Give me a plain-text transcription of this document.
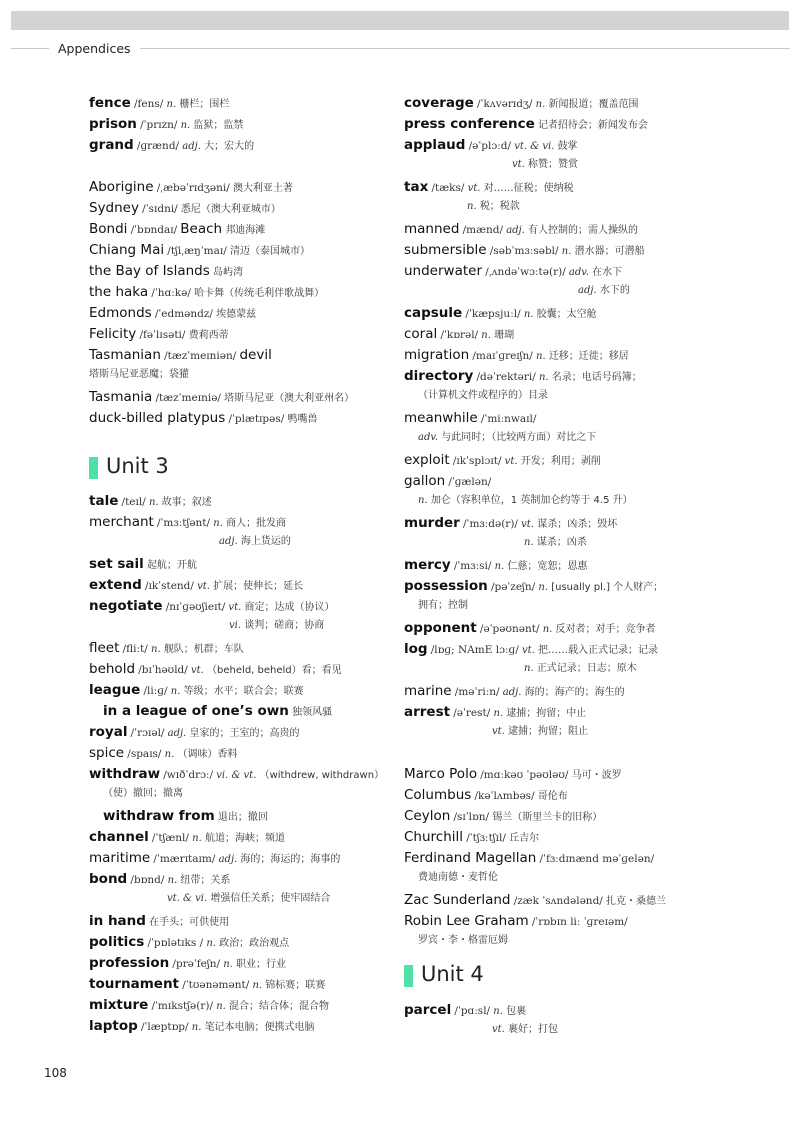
Appendices
fence /fens/ n. 栅栏；围栏
prison /ˈprɪzn/ n. 监狱；监禁
grand /ɡrænd/ adj. 大；宏大的
Aborigine /ˌæbəˈrɪdʒəni/ 澳大利亚土著
Sydney /ˈsɪdni/ 悉尼（澳大利亚城市）
Bondi /ˈbɒndaɪ/ Beach 邦迪海滩
Chiang Mai /tʃiˌæŋˈmaɪ/ 清迈（泰国城市）
the Bay of Islands 岛屿湾
the haka /ˈhɑːkə/ 哈卡舞（传统毛利伴歌战舞）
Edmonds /ˈedməndz/ 埃德蒙兹
Felicity /fəˈlɪsəti/ 费莉西蒂
Tasmanian /tæzˈmeɪniən/ devil
塔斯马尼亚恶魔；袋獾
Tasmania /tæzˈmeɪniə/ 塔斯马尼亚（澳大利亚州名）
duck-billed platypus /ˈplætɪpəs/ 鸭嘴兽
Unit 3
tale /teɪl/ n. 故事；叙述
merchant /ˈmɜːtʃənt/ n. 商人；批发商
adj. 海上货运的
set sail 起航；开航
extend /ɪkˈstend/ vt. 扩展；使伸长；延长
negotiate /nɪˈɡəʊʃieɪt/ vt. 商定；达成（协议）
vi. 谈判；磋商；协商
fleet /fliːt/ n. 舰队；机群；车队
behold /bɪˈhəʊld/ vt. （beheld, beheld）看；看见
league /liːɡ/ n. 等级；水平；联合会；联赛
in a league of one’s own 独领风骚
royal /ˈrɔɪəl/ adj. 皇家的；王室的；高贵的
spice /spaɪs/ n. （调味）香料
withdraw /wɪðˈdrɔː/ vi. & vt. （withdrew, withdrawn）
（使）撤回；撤离
withdraw from 退出；撤回
channel /ˈtʃænl/ n. 航道；海峡；频道
maritime /ˈmærɪtaɪm/ adj. 海的；海运的；海事的
bond /bɒnd/ n. 纽带；关系
vt. & vi. 增强信任关系；使牢固结合
in hand 在手头；可供使用
politics /ˈpɒlətɪks / n. 政治；政治观点
profession /prəˈfeʃn/ n. 职业；行业
tournament /ˈtʊənəmənt/ n. 锦标赛；联赛
mixture /ˈmɪkstʃə(r)/ n. 混合；结合体；混合物
laptop /ˈlæptɒp/ n. 笔记本电脑；便携式电脑
coverage /ˈkʌvərɪdʒ/ n. 新闻报道；覆盖范围
press conference 记者招待会；新闻发布会
applaud /əˈplɔːd/ vt. & vi. 鼓掌
vt. 称赞；赞赏
tax /tæks/ vt. 对……征税；使纳税
n. 税；税款
manned /mænd/ adj. 有人控制的；需人操纵的
submersible /səbˈmɜːsəbl/ n. 潜水器；可潜船
underwater /ˌʌndəˈwɔːtə(r)/ adv. 在水下
adj. 水下的
capsule /ˈkæpsjuːl/ n. 胶囊；太空舱
coral /ˈkɒrəl/ n. 珊瑚
migration /maɪˈɡreɪʃn/ n. 迁移；迁徙；移居
directory /dəˈrektəri/ n. 名录；电话号码簿；
（计算机文件或程序的）目录
meanwhile /ˈmiːnwaɪl/
adv. 与此同时；（比较两方面）对比之下
exploit /ɪkˈsplɔɪt/ vt. 开发；利用；剥削
gallon /ˈɡælən/
n. 加仑（容积单位，1 英制加仑约等于 4.5 升）
murder /ˈmɜːdə(r)/ vt. 谋杀；凶杀；毁坏
n. 谋杀；凶杀
mercy /ˈmɜːsi/ n. 仁慈；宽恕；恩惠
possession /pəˈzeʃn/ n. [usually pl.] 个人财产；
拥有；控制
opponent /əˈpəʊnənt/ n. 反对者；对手；竞争者
log /lɒɡ; NAmE lɔːɡ/ vt. 把……载入正式记录；记录
n. 正式记录；日志；原木
marine /məˈriːn/ adj. 海的；海产的；海生的
arrest /əˈrest/ n. 逮捕；拘留；中止
vt. 逮捕；拘留；阻止
Marco Polo /mɑːkəʊ ˈpəʊləʊ/ 马可・波罗
Columbus /kəˈlʌmbəs/ 哥伦布
Ceylon /sɪˈlɒn/ 锡兰（斯里兰卡的旧称）
Churchill /ˈtʃɜːtʃɪl/ 丘吉尔
Ferdinand Magellan /ˈfɜːdɪnænd məˈɡelən/
费迪南德・麦哲伦
Zac Sunderland /zæk ˈsʌndələnd/ 扎克・桑德兰
Robin Lee Graham /ˈrɒbɪn liː ˈɡreɪəm/
罗宾・李・格雷厄姆
Unit 4
parcel /ˈpɑːsl/ n. 包裹
vt. 裹好；打包
108
